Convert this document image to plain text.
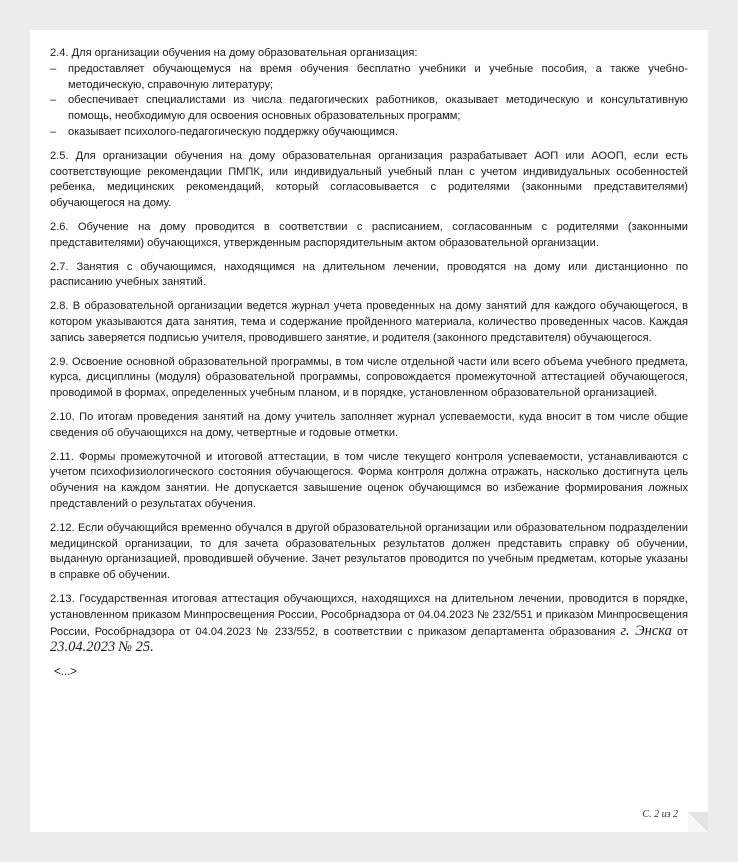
2.4. Для организации обучения на дому образовательная организация:

– предоставляет обучающемуся на время обучения бесплатно учебники и учебные пособия, а также учебно-методическую, справочную литературу;
– обеспечивает специалистами из числа педагогических работников, оказывает методическую и консультативную помощь, необходимую для освоения основных образовательных программ;
– оказывает психолого-педагогическую поддержку обучающимся.

2.5. Для организации обучения на дому образовательная организация разрабатывает АОП или АООП, если есть соответствующие рекомендации ПМПК, или индивидуальный учебный план с учетом индивидуальных особенностей ребенка, медицинских рекомендаций, который согласовывается с родителями (законными представителями) обучающегося на дому.

2.6. Обучение на дому проводится в соответствии с расписанием, согласованным с родителями (законными представителями) обучающихся, утвержденным распорядительным актом образовательной организации.

2.7. Занятия с обучающимся, находящимся на длительном лечении, проводятся на дому или дистанционно по расписанию учебных занятий.

2.8. В образовательной организации ведется журнал учета проведенных на дому занятий для каждого обучающегося, в котором указываются дата занятия, тема и содержание пройденного материала, количество проведенных часов. Каждая запись заверяется подписью учителя, проводившего занятие, и родителя (законного представителя) обучающегося.

2.9. Освоение основной образовательной программы, в том числе отдельной части или всего объема учебного предмета, курса, дисциплины (модуля) образовательной программы, сопровождается промежуточной аттестацией обучающегося, проводимой в формах, определенных учебным планом, и в порядке, установленном образовательной организацией.

2.10. По итогам проведения занятий на дому учитель заполняет журнал успеваемости, куда вносит в том числе общие сведения об обучающихся на дому, четвертные и годовые отметки.

2.11. Формы промежуточной и итоговой аттестации, в том числе текущего контроля успеваемости, устанавливаются с учетом психофизиологического состояния обучающегося. Форма контроля должна отражать, насколько достигнута цель обучения на каждом занятии. Не допускается завышение оценок обучающимся во избежание формирования ложных представлений о результатах обучения.

2.12. Если обучающийся временно обучался в другой образовательной организации или образовательном подразделении медицинской организации, то для зачета образовательных результатов должен представить справку об обучении, выданную организацией, проводившей обучение. Зачет результатов проводится по учебным предметам, которые указаны в справке об обучении.

2.13. Государственная итоговая аттестация обучающихся, находящихся на длительном лечении, проводится в порядке, установленном приказом Минпросвещения России, Рособрнадзора от 04.04.2023 № 232/551 и приказом Минпросвещения России, Рособрнадзора от 04.04.2023 № 233/552, в соответствии с приказом департамента образования г. Энска от 23.04.2023 № 25.

<...>
С. 2 из 2
